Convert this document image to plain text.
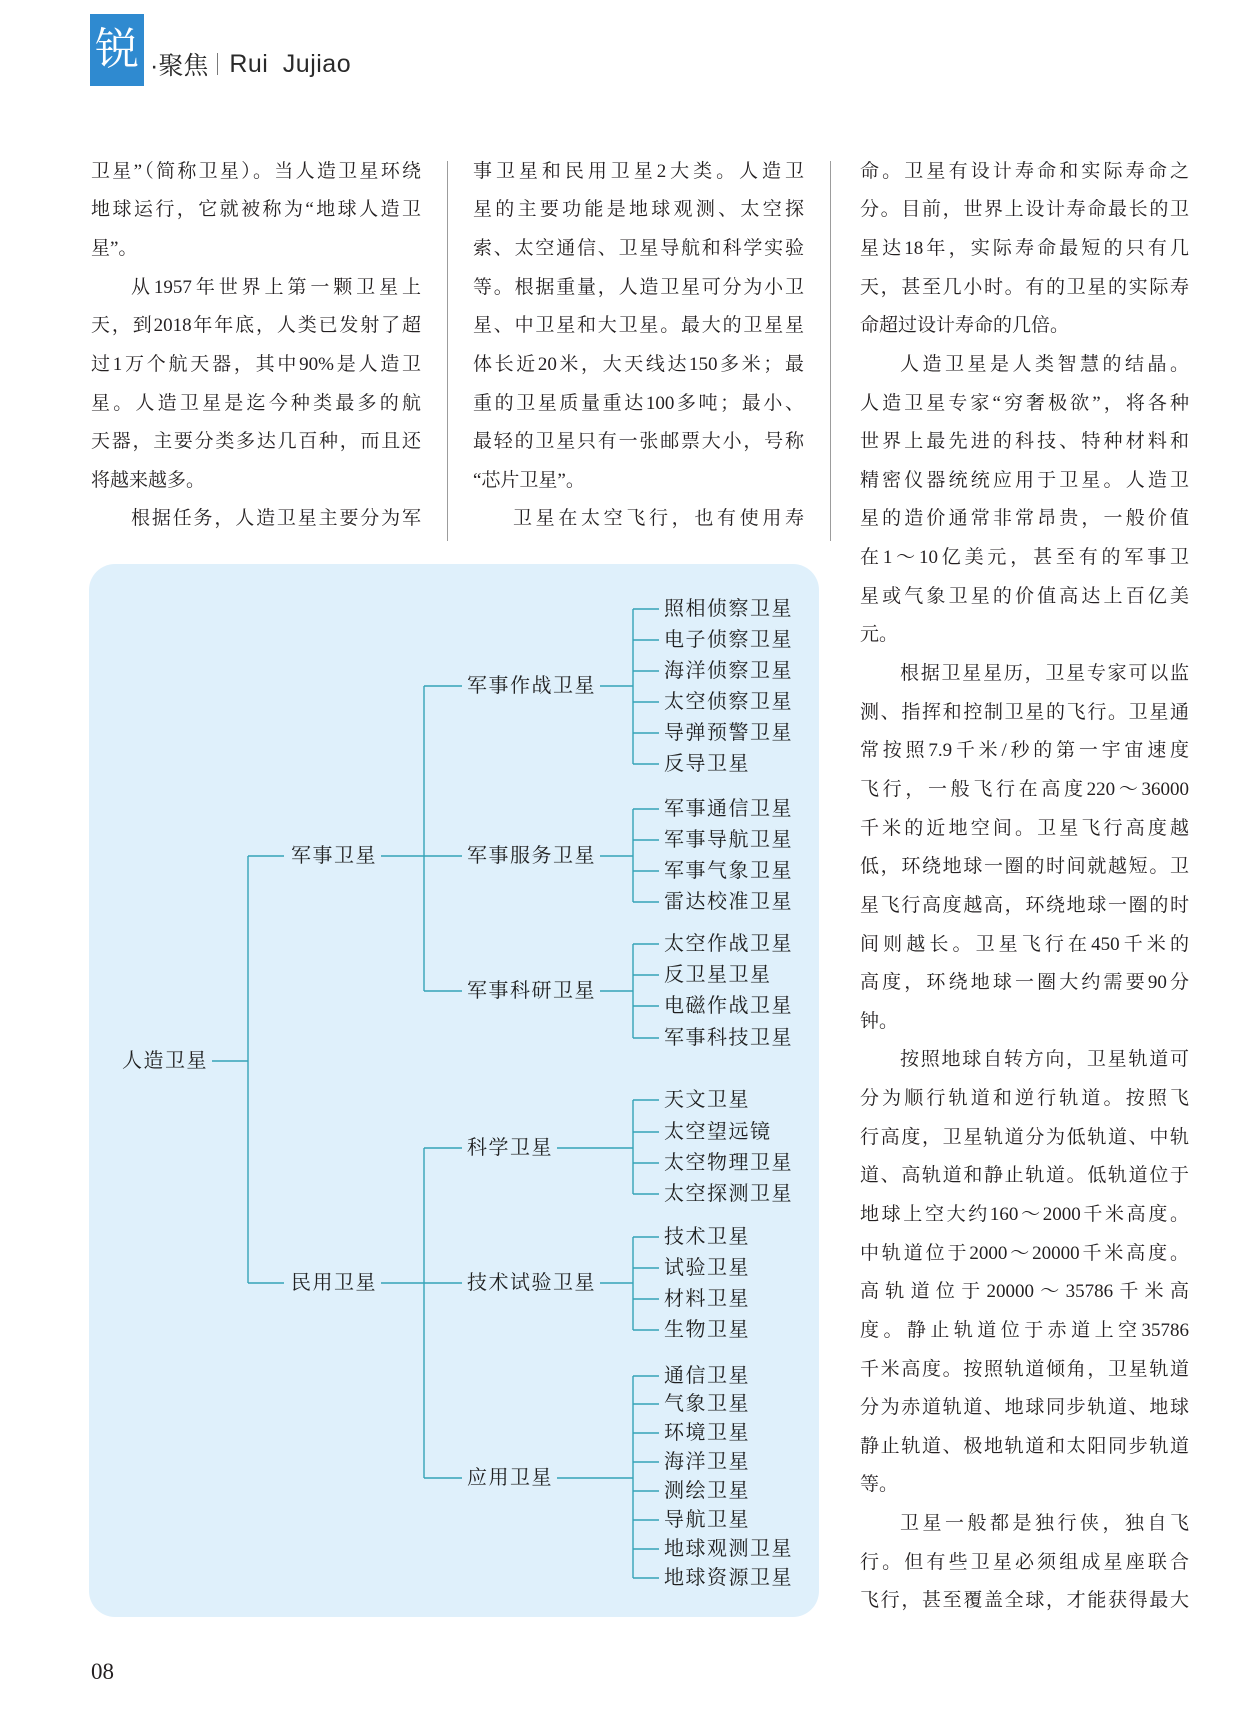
锐 ·聚焦 Rui Jujiao
08
卫星”（简称卫星）。当人造卫星环绕
地球运行，它就被称为“地球人造卫
星”。
从1957年世界上第一颗卫星上
天，到2018年年底，人类已发射了超
过1万个航天器，其中90%是人造卫
星。人造卫星是迄今种类最多的航
天器，主要分类多达几百种，而且还
将越来越多。
根据任务，人造卫星主要分为军
事卫星和民用卫星2大类。人造卫
星的主要功能是地球观测、太空探
索、太空通信、卫星导航和科学实验
等。根据重量，人造卫星可分为小卫
星、中卫星和大卫星。最大的卫星星
体长近20米，大天线达150多米；最
重的卫星质量重达100多吨；最小、
最轻的卫星只有一张邮票大小，号称
“芯片卫星”。
卫星在太空飞行，也有使用寿
命。卫星有设计寿命和实际寿命之
分。目前，世界上设计寿命最长的卫
星达18年，实际寿命最短的只有几
天，甚至几小时。有的卫星的实际寿
命超过设计寿命的几倍。
人造卫星是人类智慧的结晶。
人造卫星专家“穷奢极欲”，将各种
世界上最先进的科技、特种材料和
精密仪器统统应用于卫星。人造卫
星的造价通常非常昂贵，一般价值
在1～10亿美元，甚至有的军事卫
星或气象卫星的价值高达上百亿美
元。
根据卫星星历，卫星专家可以监
测、指挥和控制卫星的飞行。卫星通
常按照7.9千米/秒的第一宇宙速度
飞行，一般飞行在高度220～36000
千米的近地空间。卫星飞行高度越
低，环绕地球一圈的时间就越短。卫
星飞行高度越高，环绕地球一圈的时
间则越长。卫星飞行在450千米的
高度，环绕地球一圈大约需要90分
钟。
按照地球自转方向，卫星轨道可
分为顺行轨道和逆行轨道。按照飞
行高度，卫星轨道分为低轨道、中轨
道、高轨道和静止轨道。低轨道位于
地球上空大约160～2000千米高度。
中轨道位于2000～20000千米高度。
高轨道位于20000～35786千米高
度。静止轨道位于赤道上空35786
千米高度。按照轨道倾角，卫星轨道
分为赤道轨道、地球同步轨道、地球
静止轨道、极地轨道和太阳同步轨道
等。
卫星一般都是独行侠，独自飞
行。但有些卫星必须组成星座联合
飞行，甚至覆盖全球，才能获得最大
人造卫星
军事卫星
军事作战卫星
照相侦察卫星
电子侦察卫星
海洋侦察卫星
太空侦察卫星
导弹预警卫星
反导卫星
军事服务卫星
军事通信卫星
军事导航卫星
军事气象卫星
雷达校准卫星
军事科研卫星
太空作战卫星
反卫星卫星
电磁作战卫星
军事科技卫星
民用卫星
科学卫星
天文卫星
太空望远镜
太空物理卫星
太空探测卫星
技术试验卫星
技术卫星
试验卫星
材料卫星
生物卫星
应用卫星
通信卫星
气象卫星
环境卫星
海洋卫星
测绘卫星
导航卫星
地球观测卫星
地球资源卫星
